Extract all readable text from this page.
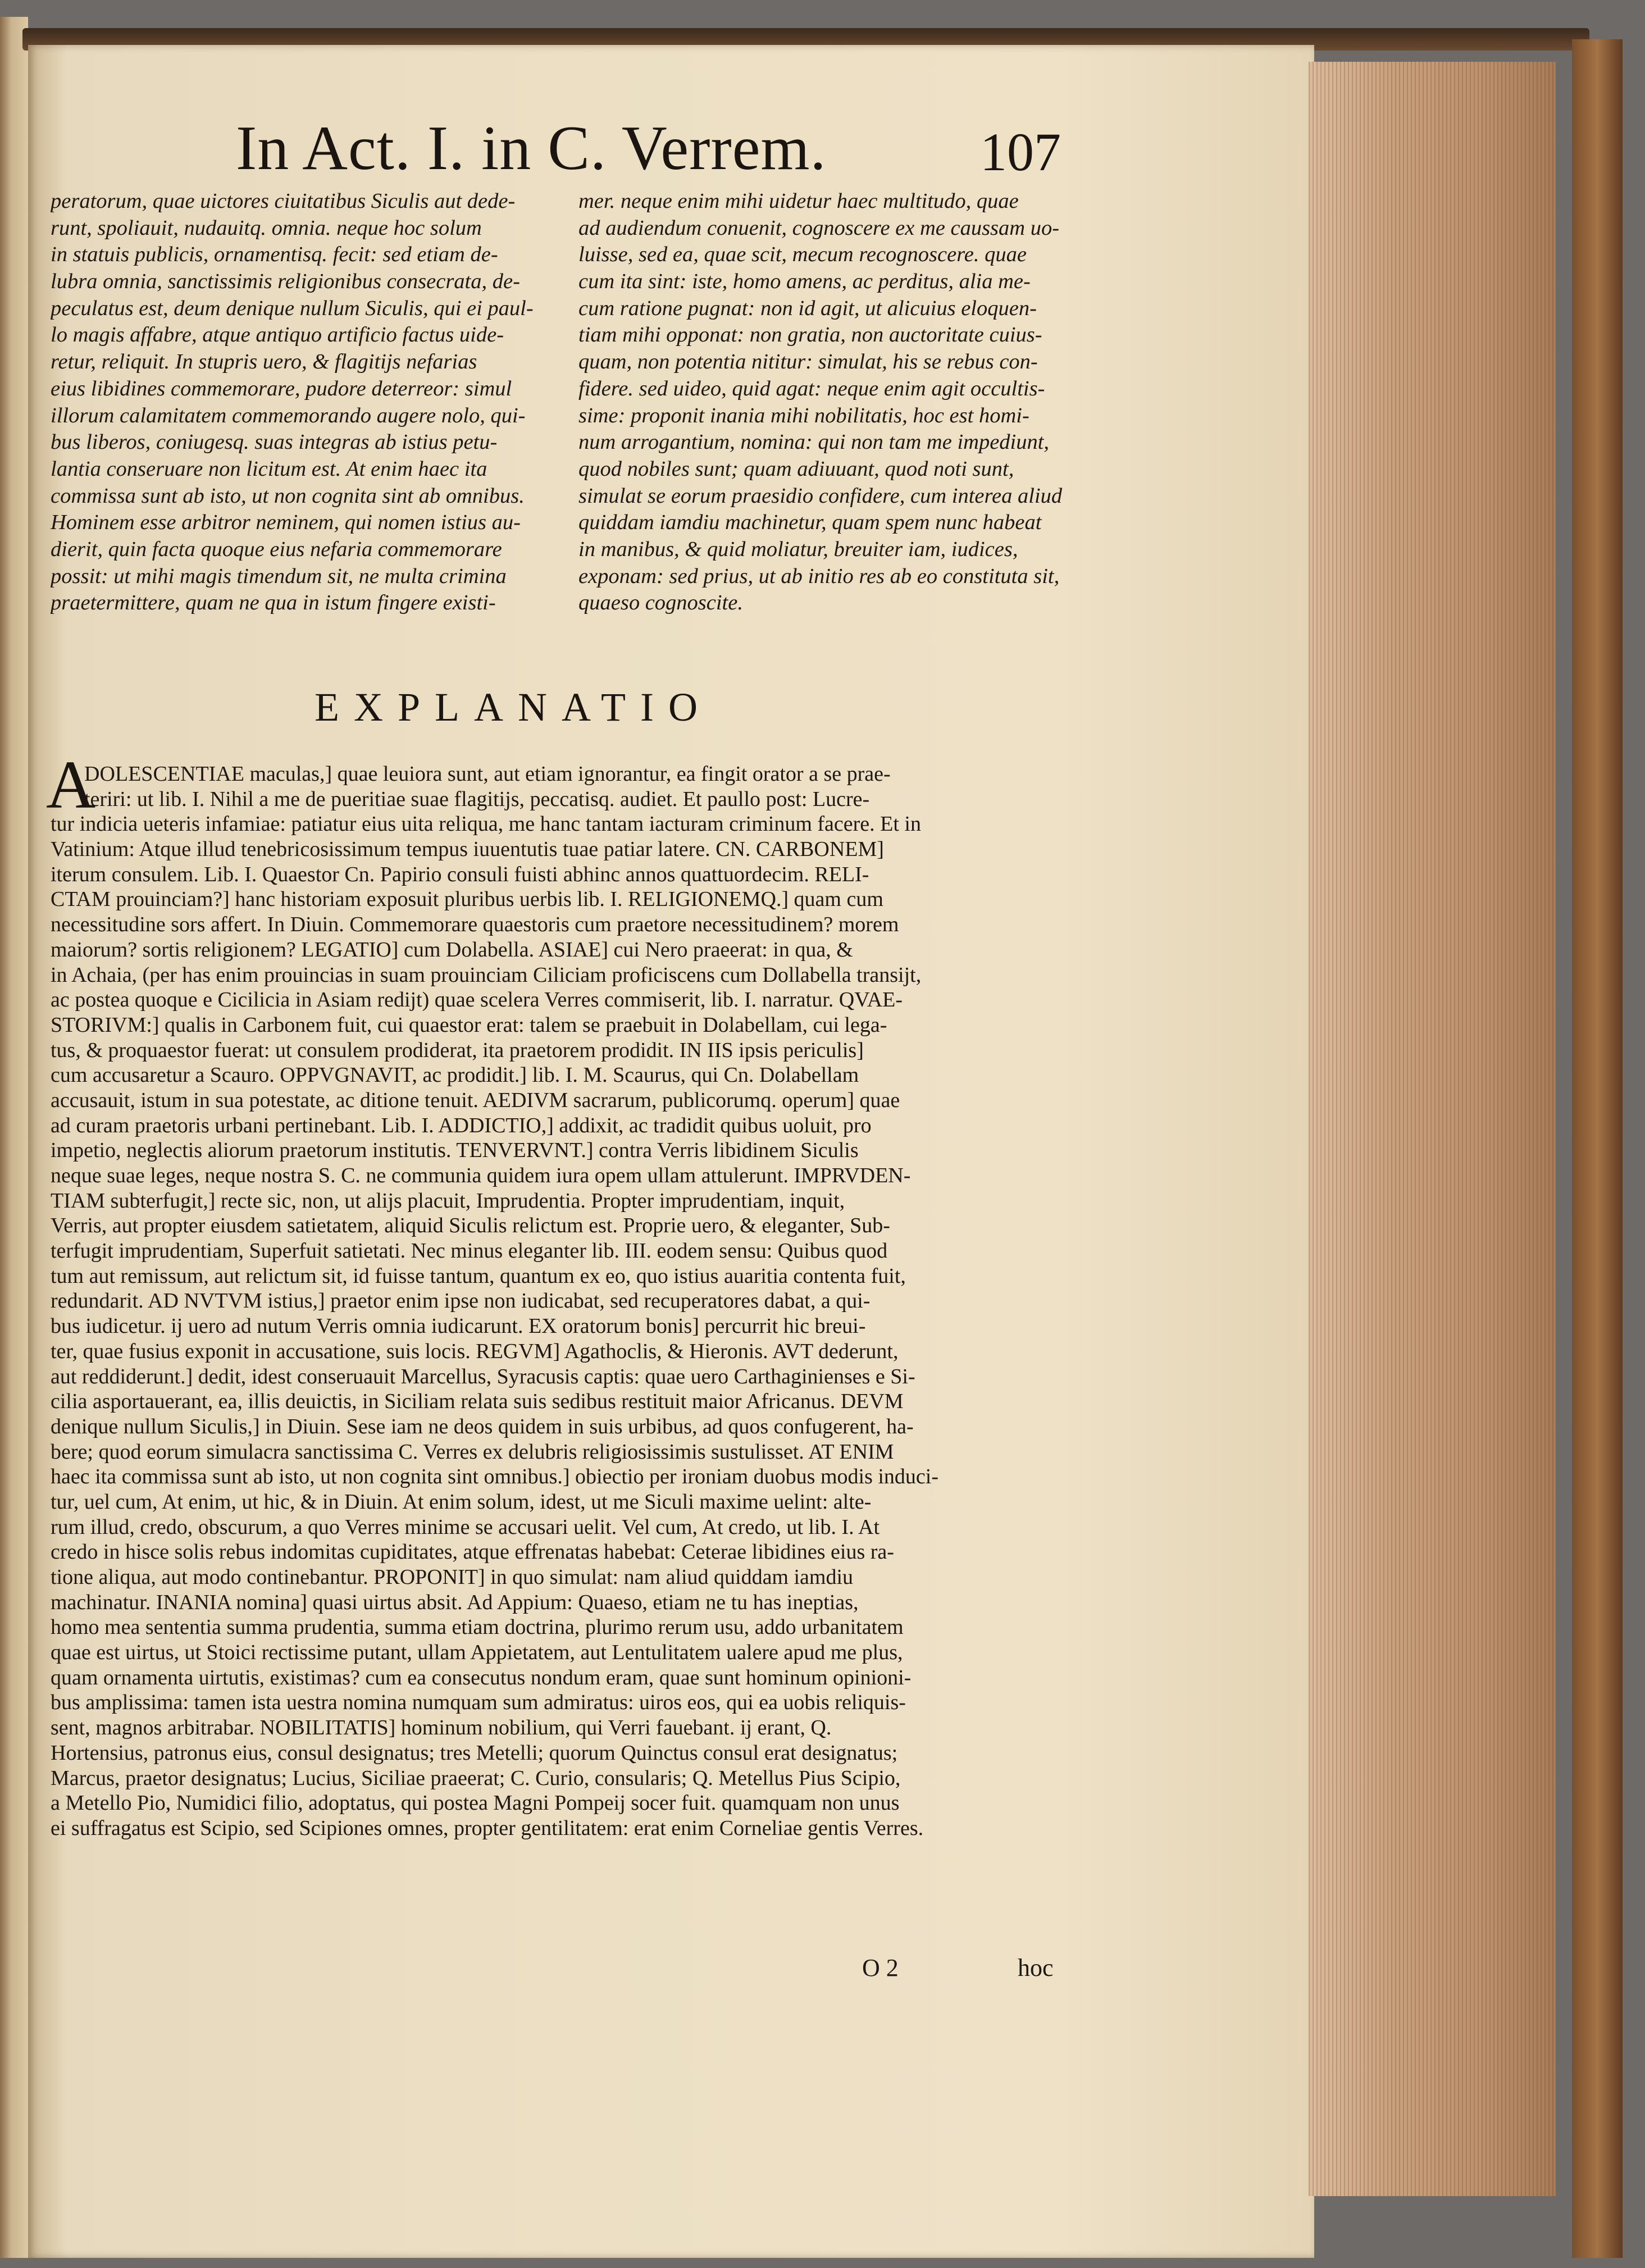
In Act. I. in C. Verrem.	107
peratorum, quae uictores ciuitatibus Siculis aut dede-
runt, spoliauit, nudauitq. omnia. neque hoc solum
in statuis publicis, ornamentisq. fecit: sed etiam de-
lubra omnia, sanctissimis religionibus consecrata, de-
peculatus est, deum denique nullum Siculis, qui ei paul-
lo magis affabre, atque antiquo artificio factus uide-
retur, reliquit. In stupris uero, & flagitijs nefarias
eius libidines commemorare, pudore deterreor: simul
illorum calamitatem commemorando augere nolo, qui-
bus liberos, coniugesq. suas integras ab istius petu-
lantia conseruare non licitum est. At enim haec ita
commissa sunt ab isto, ut non cognita sint ab omnibus.
Hominem esse arbitror neminem, qui nomen istius au-
dierit, quin facta quoque eius nefaria commemorare
possit: ut mihi magis timendum sit, ne multa crimina
praetermittere, quam ne qua in istum fingere existi-
mer. neque enim mihi uidetur haec multitudo, quae
ad audiendum conuenit, cognoscere ex me caussam uo-
luisse, sed ea, quae scit, mecum recognoscere. quae
cum ita sint: iste, homo amens, ac perditus, alia me-
cum ratione pugnat: non id agit, ut alicuius eloquen-
tiam mihi opponat: non gratia, non auctoritate cuius-
quam, non potentia nititur: simulat, his se rebus con-
fidere. sed uideo, quid agat: neque enim agit occultis-
sime: proponit inania mihi nobilitatis, hoc est homi-
num arrogantium, nomina: qui non tam me impediunt,
quod nobiles sunt; quam adiuuant, quod noti sunt,
simulat se eorum praesidio confidere, cum interea aliud
quiddam iamdiu machinetur, quam spem nunc habeat
in manibus, & quid moliatur, breuiter iam, iudices,
exponam: sed prius, ut ab initio res ab eo constituta sit,
quaeso cognoscite.
EXPLANATIO
A
DOLESCENTIAE maculas,] quae leuiora sunt, aut etiam ignorantur, ea fingit orator a se prae-
teriri: ut lib. I. Nihil a me de pueritiae suae flagitijs, peccatisq. audiet. Et paullo post: Lucre-
tur indicia ueteris infamiae: patiatur eius uita reliqua, me hanc tantam iacturam criminum facere. Et in
Vatinium: Atque illud tenebricosissimum tempus iuuentutis tuae patiar latere. CN. CARBONEM]
iterum consulem. Lib. I. Quaestor Cn. Papirio consuli fuisti abhinc annos quattuordecim. RELI-
CTAM prouinciam?] hanc historiam exposuit pluribus uerbis lib. I. RELIGIONEMQ.] quam cum
necessitudine sors affert. In Diuin. Commemorare quaestoris cum praetore necessitudinem? morem
maiorum? sortis religionem? LEGATIO] cum Dolabella. ASIAE] cui Nero praeerat: in qua, &
in Achaia, (per has enim prouincias in suam prouinciam Ciliciam proficiscens cum Dollabella transijt,
ac postea quoque e Cicilicia in Asiam redijt) quae scelera Verres commiserit, lib. I. narratur. QVAE-
STORIVM:] qualis in Carbonem fuit, cui quaestor erat: talem se praebuit in Dolabellam, cui lega-
tus, & proquaestor fuerat: ut consulem prodiderat, ita praetorem prodidit. IN IIS ipsis periculis]
cum accusaretur a Scauro. OPPVGNAVIT, ac prodidit.] lib. I. M. Scaurus, qui Cn. Dolabellam
accusauit, istum in sua potestate, ac ditione tenuit. AEDIVM sacrarum, publicorumq. operum] quae
ad curam praetoris urbani pertinebant. Lib. I. ADDICTIO,] addixit, ac tradidit quibus uoluit, pro
impetio, neglectis aliorum praetorum institutis. TENVERVNT.] contra Verris libidinem Siculis
neque suae leges, neque nostra S. C. ne communia quidem iura opem ullam attulerunt. IMPRVDEN-
TIAM subterfugit,] recte sic, non, ut alijs placuit, Imprudentia. Propter imprudentiam, inquit,
Verris, aut propter eiusdem satietatem, aliquid Siculis relictum est. Proprie uero, & eleganter, Sub-
terfugit imprudentiam, Superfuit satietati. Nec minus eleganter lib. III. eodem sensu: Quibus quod
tum aut remissum, aut relictum sit, id fuisse tantum, quantum ex eo, quo istius auaritia contenta fuit,
redundarit. AD NVTVM istius,] praetor enim ipse non iudicabat, sed recuperatores dabat, a qui-
bus iudicetur. ij uero ad nutum Verris omnia iudicarunt. EX oratorum bonis] percurrit hic breui-
ter, quae fusius exponit in accusatione, suis locis. REGVM] Agathoclis, & Hieronis. AVT dederunt,
aut reddiderunt.] dedit, idest conseruauit Marcellus, Syracusis captis: quae uero Carthaginienses e Si-
cilia asportauerant, ea, illis deuictis, in Siciliam relata suis sedibus restituit maior Africanus. DEVM
denique nullum Siculis,] in Diuin. Sese iam ne deos quidem in suis urbibus, ad quos confugerent, ha-
bere; quod eorum simulacra sanctissima C. Verres ex delubris religiosissimis sustulisset. AT ENIM
haec ita commissa sunt ab isto, ut non cognita sint omnibus.] obiectio per ironiam duobus modis induci-
tur, uel cum, At enim, ut hic, & in Diuin. At enim solum, idest, ut me Siculi maxime uelint: alte-
rum illud, credo, obscurum, a quo Verres minime se accusari uelit. Vel cum, At credo, ut lib. I. At
credo in hisce solis rebus indomitas cupiditates, atque effrenatas habebat: Ceterae libidines eius ra-
tione aliqua, aut modo continebantur. PROPONIT] in quo simulat: nam aliud quiddam iamdiu
machinatur. INANIA nomina] quasi uirtus absit. Ad Appium: Quaeso, etiam ne tu has ineptias,
homo mea sententia summa prudentia, summa etiam doctrina, plurimo rerum usu, addo urbanitatem
quae est uirtus, ut Stoici rectissime putant, ullam Appietatem, aut Lentulitatem ualere apud me plus,
quam ornamenta uirtutis, existimas? cum ea consecutus nondum eram, quae sunt hominum opinioni-
bus amplissima: tamen ista uestra nomina numquam sum admiratus: uiros eos, qui ea uobis reliquis-
sent, magnos arbitrabar. NOBILITATIS] hominum nobilium, qui Verri fauebant. ij erant, Q.
Hortensius, patronus eius, consul designatus; tres Metelli; quorum Quinctus consul erat designatus;
Marcus, praetor designatus; Lucius, Siciliae praeerat; C. Curio, consularis; Q. Metellus Pius Scipio,
a Metello Pio, Numidici filio, adoptatus, qui postea Magni Pompeij socer fuit. quamquam non unus
ei suffragatus est Scipio, sed Scipiones omnes, propter gentilitatem: erat enim Corneliae gentis Verres.
O 2	hoc
